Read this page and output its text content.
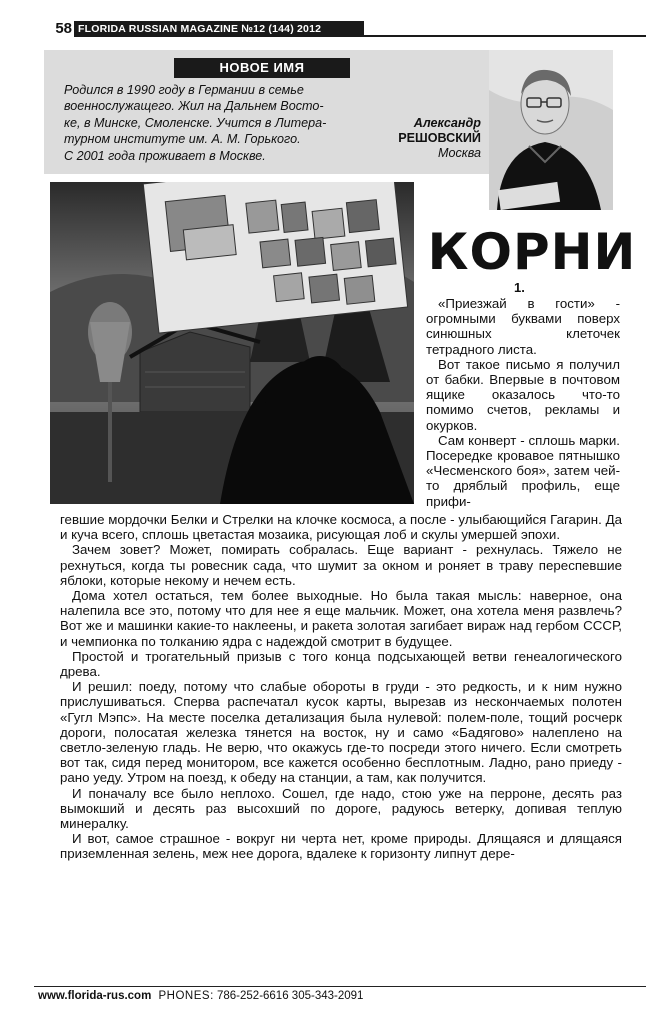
58 FLORIDA RUSSIAN MAGAZINE №12 (144) 2012
НОВОЕ ИМЯ
Родился в 1990 году в Германии в семье
военнослужащего. Жил на Дальнем Восто-
ке, в Минске, Смоленске. Учится в Литера-
турном институте им. А. М. Горького.
С 2001 года проживает в Москве.
Александр
РЕШОВСКИЙ
Москва
КОРНИ
1.

«Приезжай в гости» - огромными буквами поверх синюшных клеточек тетрадного листа.

Вот такое письмо я получил от бабки. Впервые в почтовом ящике оказалось что-то помимо счетов, рекламы и окурков.

Сам конверт - сплошь марки. Посередке кровавое пятнышко «Чесменского боя», затем чей-то дряблый профиль, еще прифи-

гевшие мордочки Белки и Стрелки на клочке космоса, а после - улыбающийся Гагарин. Да и куча всего, сплошь цветастая мозаика, рисующая лоб и скулы умершей эпохи.

Зачем зовет? Может, помирать собралась. Еще вариант - рехнулась. Тяжело не рехнуться, когда ты ровесник сада, что шумит за окном и роняет в траву переспевшие яблоки, которые некому и нечем есть.

Дома хотел остаться, тем более выходные. Но была такая мысль: наверное, она налепила все это, потому что для нее я еще мальчик. Может, она хотела меня развлечь? Вот же и машинки какие-то наклеены, и ракета золотая загибает вираж над гербом СССР, и чемпионка по толканию ядра с надеждой смотрит в будущее.

Простой и трогательный призыв с того конца подсыхающей ветви генеалогического древа.

И решил: поеду, потому что слабые обороты в груди - это редкость, и к ним нужно прислушиваться. Сперва распечатал кусок карты, вырезав из нескончаемых полотен «Гугл Мэпс». На месте поселка детализация была нулевой: полем-поле, тощий росчерк дороги, полосатая железка тянется на восток, ну и само «Бадягово» налеплено на светло-зеленую гладь. Не верю, что окажусь где-то посреди этого ничего. Если смотреть вот так, сидя перед монитором, все кажется особенно бесплотным. Ладно, рано приеду - рано уеду. Утром на поезд, к обеду на станции, а там, как получится.

И поначалу все было неплохо. Сошел, где надо, стою уже на перроне, десять раз вымокший и десять раз высохший по дороге, радуюсь ветерку, допивая теплую минералку.

И вот, самое страшное - вокруг ни черта нет, кроме природы. Длящаяся и длящаяся приземленная зелень, меж нее дорога, вдалеке к горизонту липнут дере-

www.florida-rus.com PHONES: 786-252-6616 305-343-2091
